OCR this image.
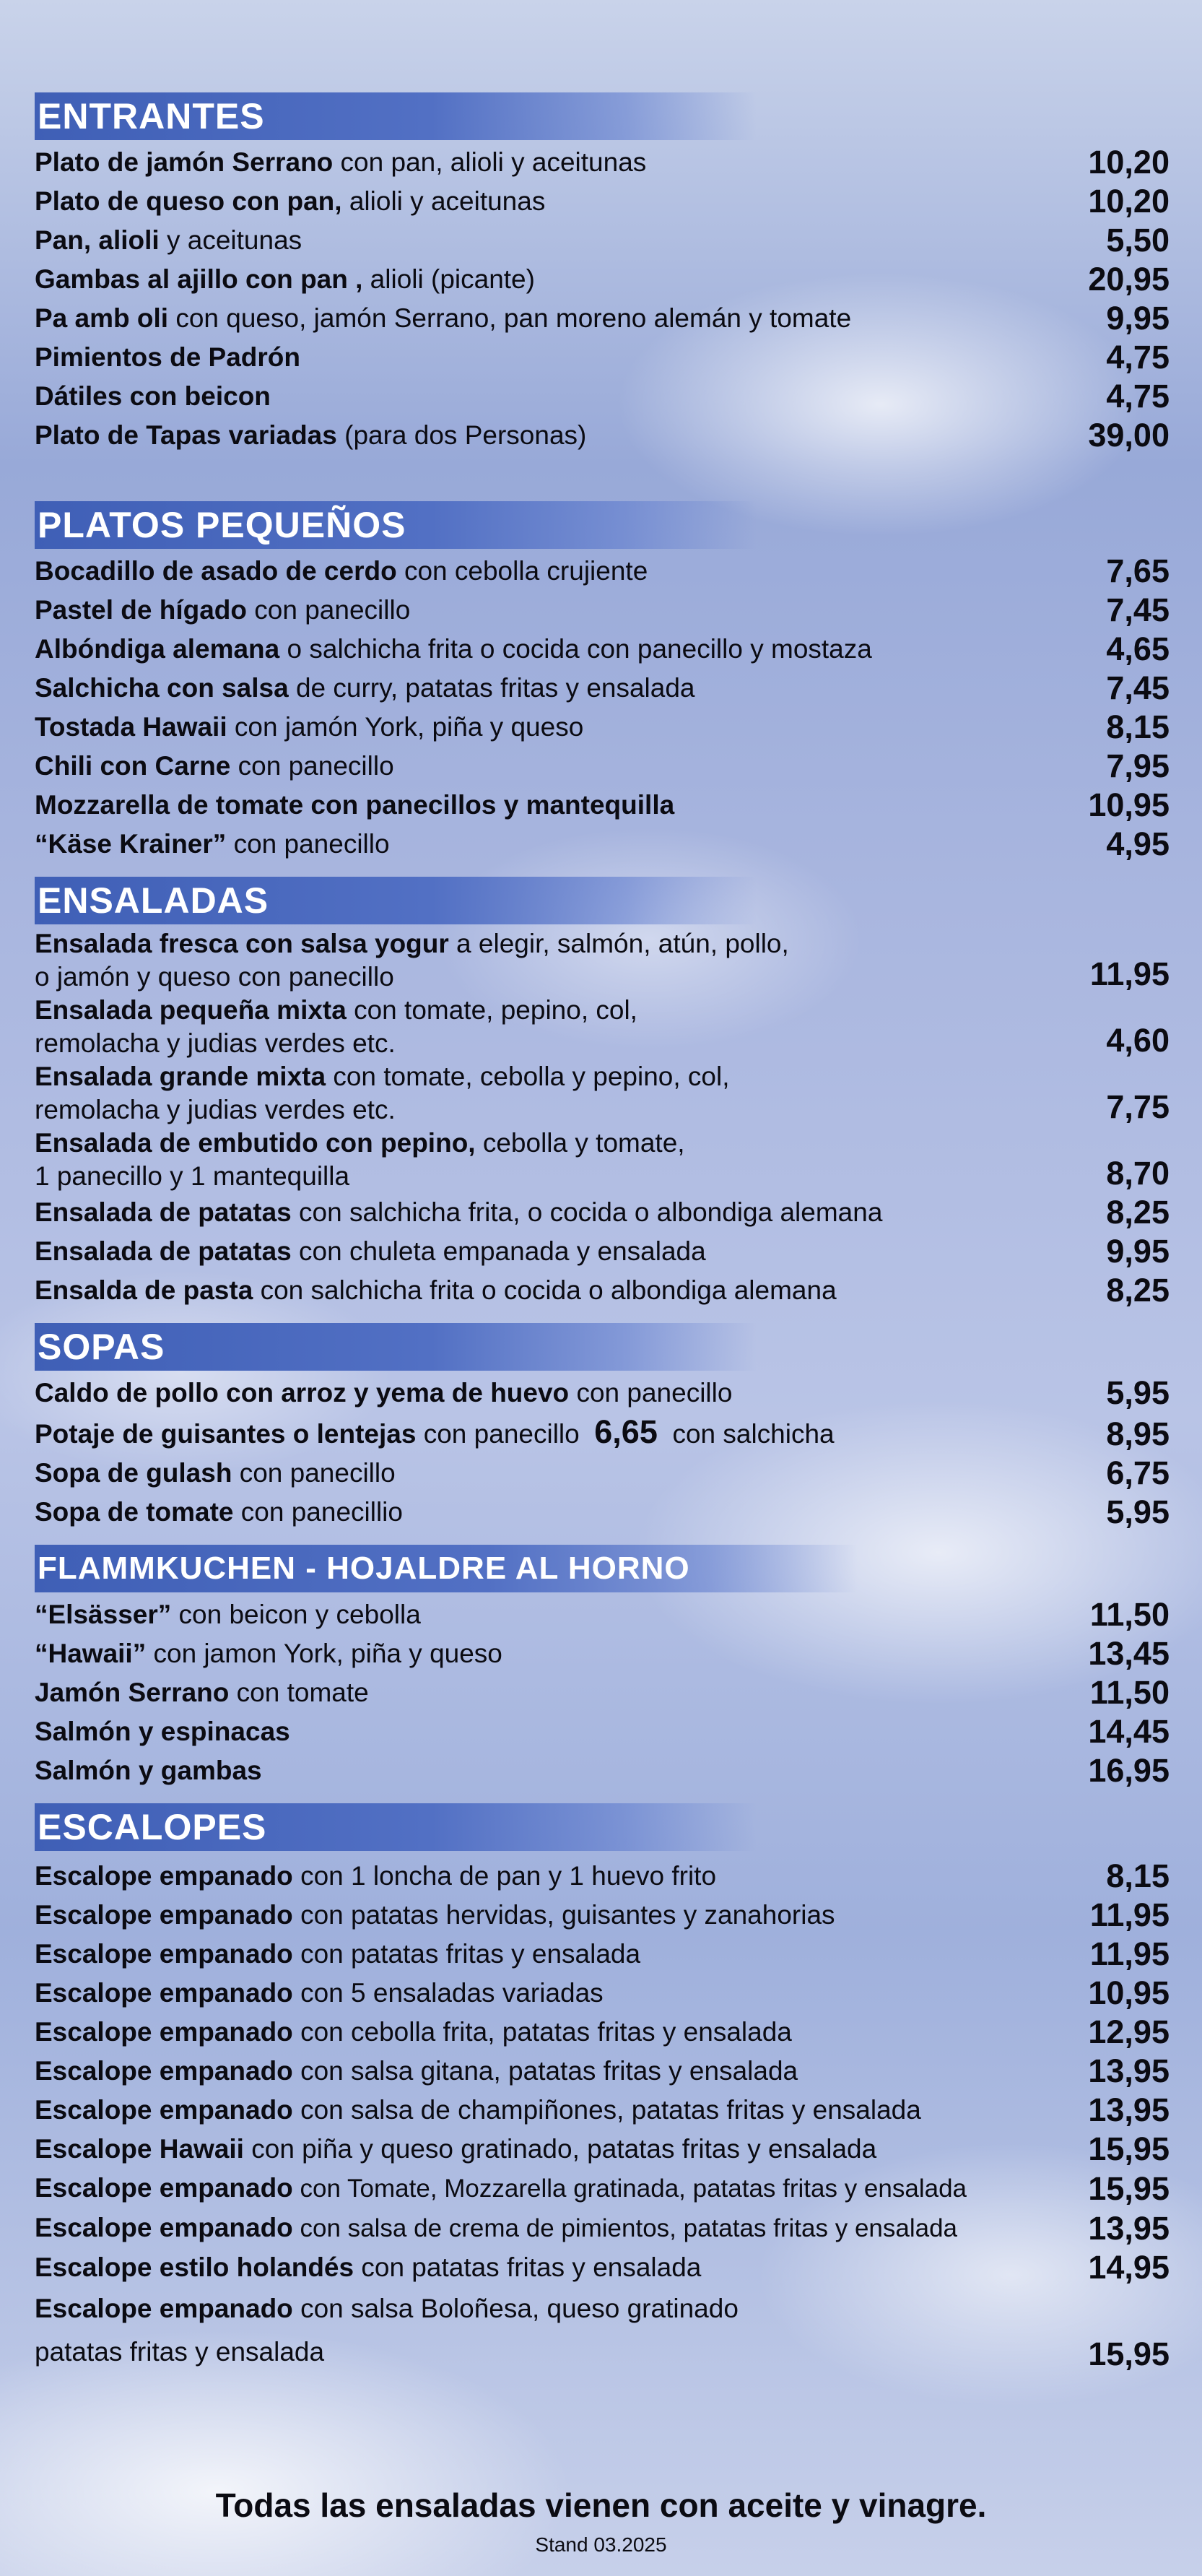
ENTRANTES
Plato de jamón Serrano con pan, alioli y aceitunas	10,20
Plato de queso con pan, alioli y aceitunas	10,20
Pan, alioli y aceitunas	5,50
Gambas al ajillo con pan , alioli (picante)	20,95
Pa amb oli con queso, jamón Serrano, pan moreno alemán y tomate	9,95
Pimientos de Padrón	4,75
Dátiles con beicon	4,75
Plato de Tapas variadas (para dos Personas)	39,00
PLATOS PEQUEÑOS
Bocadillo de asado de cerdo con cebolla crujiente	7,65
Pastel de hígado con panecillo	7,45
Albóndiga alemana o salchicha frita o cocida con panecillo y mostaza	4,65
Salchicha con salsa de curry, patatas fritas y ensalada	7,45
Tostada Hawaii con jamón York, piña y queso	8,15
Chili con Carne con panecillo	7,95
Mozzarella de tomate con panecillos y mantequilla	10,95
“Käse Krainer” con panecillo	4,95
ENSALADAS
Ensalada fresca con salsa yogur a elegir, salmón, atún, pollo,
o jamón y queso con panecillo	11,95
Ensalada pequeña mixta con tomate, pepino, col,
remolacha y judias verdes etc.	4,60
Ensalada grande mixta con tomate, cebolla y pepino, col,
remolacha y judias verdes etc.	7,75
Ensalada de embutido con pepino, cebolla y tomate,
1 panecillo y 1 mantequilla	8,70
Ensalada de patatas con salchicha frita, o cocida o albondiga alemana	8,25
Ensalada de patatas con chuleta empanada y ensalada	9,95
Ensalda de pasta con salchicha frita o cocida o albondiga alemana	8,25
SOPAS
Caldo de pollo con arroz y yema de huevo con panecillo	5,95
Potaje de guisantes o lentejas con panecillo 6,65 con salchicha	8,95
Sopa de gulash con panecillo	6,75
Sopa de tomate con panecillio	5,95
FLAMMKUCHEN - HOJALDRE AL HORNO
“Elsässer” con beicon y cebolla	11,50
“Hawaii” con jamon York, piña y queso	13,45
Jamón Serrano con tomate	11,50
Salmón y espinacas	14,45
Salmón y gambas	16,95
ESCALOPES
Escalope empanado con 1 loncha de pan y 1 huevo frito	8,15
Escalope empanado con patatas hervidas, guisantes y zanahorias	11,95
Escalope empanado con patatas fritas y ensalada	11,95
Escalope empanado con 5 ensaladas variadas	10,95
Escalope empanado con cebolla frita, patatas fritas y ensalada	12,95
Escalope empanado con salsa gitana, patatas fritas y ensalada	13,95
Escalope empanado con salsa de champiñones, patatas fritas y ensalada	13,95
Escalope Hawaii con piña y queso gratinado, patatas fritas y ensalada	15,95
Escalope empanado con Tomate, Mozzarella gratinada, patatas fritas y ensalada	15,95
Escalope empanado con salsa de crema de pimientos, patatas fritas y ensalada	13,95
Escalope estilo holandés con patatas fritas y ensalada	14,95
Escalope empanado con salsa Boloñesa, queso gratinado
patatas fritas y ensalada	15,95
Todas las ensaladas vienen con aceite y vinagre.
Stand 03.2025
